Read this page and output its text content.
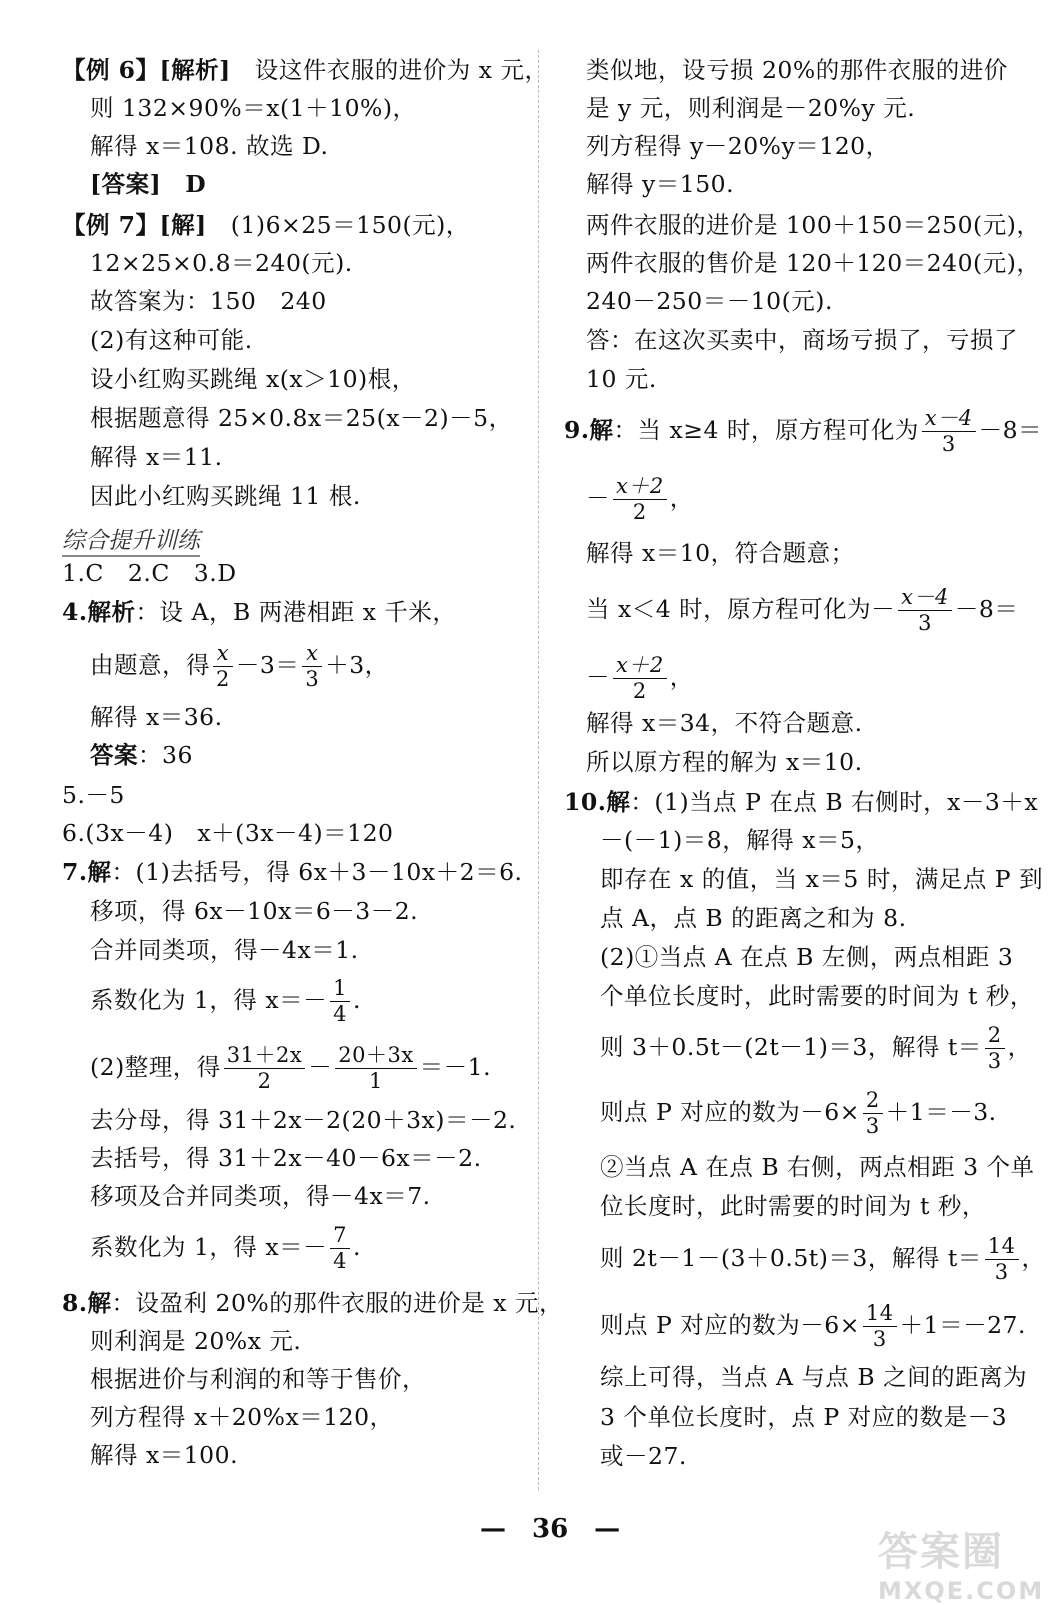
【例 6】[解析]　 设这件衣服的进价为 x 元，
则 132×90%＝x(1＋10%)，
解得 x＝108. 故选 D.
[答案]　D
【例 7】[解]　 (1)6×25＝150(元)，
12×25×0.8＝240(元).
故答案为：150　240
(2)有这种可能.
设小红购买跳绳 x(x＞10)根，
根据题意得 25×0.8x＝25(x－2)－5，
解得 x＝11.
因此小红购买跳绳 11 根.
综合提升训练
1.C　2.C　3.D
4.解析：设 A，B 两港相距 x 千米，
由题意，得 $\frac{x}{2} -3= \frac{x}{3} +3$，
解得 x＝36.
答案：36
5.－5
6.(3x－4)　x＋(3x－4)＝120
7.解：(1)去括号，得 6x＋3－10x＋2＝6.
移项，得 6x－10x＝6－3－2.
合并同类项，得－4x＝1.
系数化为 1，得 $x=- \frac{1}{4}$ .
(2)整理，得 $\frac{31+2x}{2} - \frac{20+3x}{1} =-1$.
去分母，得 31＋2x－2(20＋3x)＝－2.
去括号，得 31＋2x－40－6x＝－2.
移项及合并同类项，得－4x＝7.
系数化为 1，得 $x=- \frac{7}{4}$ .
8.解：设盈利 20%的那件衣服的进价是 x 元，
则利润是 20%x 元.
根据进价与利润的和等于售价，
列方程得 x＋20%x＝120，
解得 x＝100.
类似地，设亏损 20%的那件衣服的进价
是 y 元，则利润是－20%y 元.
列方程得 y－20%y＝120，
解得 y＝150.
两件衣服的进价是 100＋150＝250(元)，
两件衣服的售价是 120＋120＝240(元)，
240－250＝－10(元).
答：在这次买卖中，商场亏损了，亏损了
10 元.
9.解：当 x≥4 时，原方程可化为 $\frac{x-4}{3} -8=$
－ $\frac{x+2}{2}$ ，
解得 x＝10，符合题意；
当 x＜4 时，原方程可化为－ $\frac{x-4}{3} -8=$
－ $\frac{x+2}{2}$ ，
解得 x＝34，不符合题意.
所以原方程的解为 x＝10.
10.解：(1)当点 P 在点 B 右侧时，x－3＋x
－(－1)＝8，解得 x＝5，
即存在 x 的值，当 x＝5 时，满足点 P 到
点 A，点 B 的距离之和为 8.
(2)①当点 A 在点 B 左侧，两点相距 3
个单位长度时，此时需要的时间为 t 秒，
则 3＋0.5t－(2t－1)＝3，解得 $t= \frac{2}{3}$ ，
则点 P 对应的数为$-6\times \frac{2}{3} +1=-3$.
②当点 A 在点 B 右侧，两点相距 3 个单
位长度时，此时需要的时间为 t 秒，
则 2t－1－(3＋0.5t)＝3，解得 $t= \frac{14}{3}$ ，
则点 P 对应的数为$-6\times \frac{14}{3} +1=-27$.
综上可得，当点 A 与点 B 之间的距离为
3 个单位长度时，点 P 对应的数是－3
或－27.
—　36　—	答案圈
MXQE.COM
